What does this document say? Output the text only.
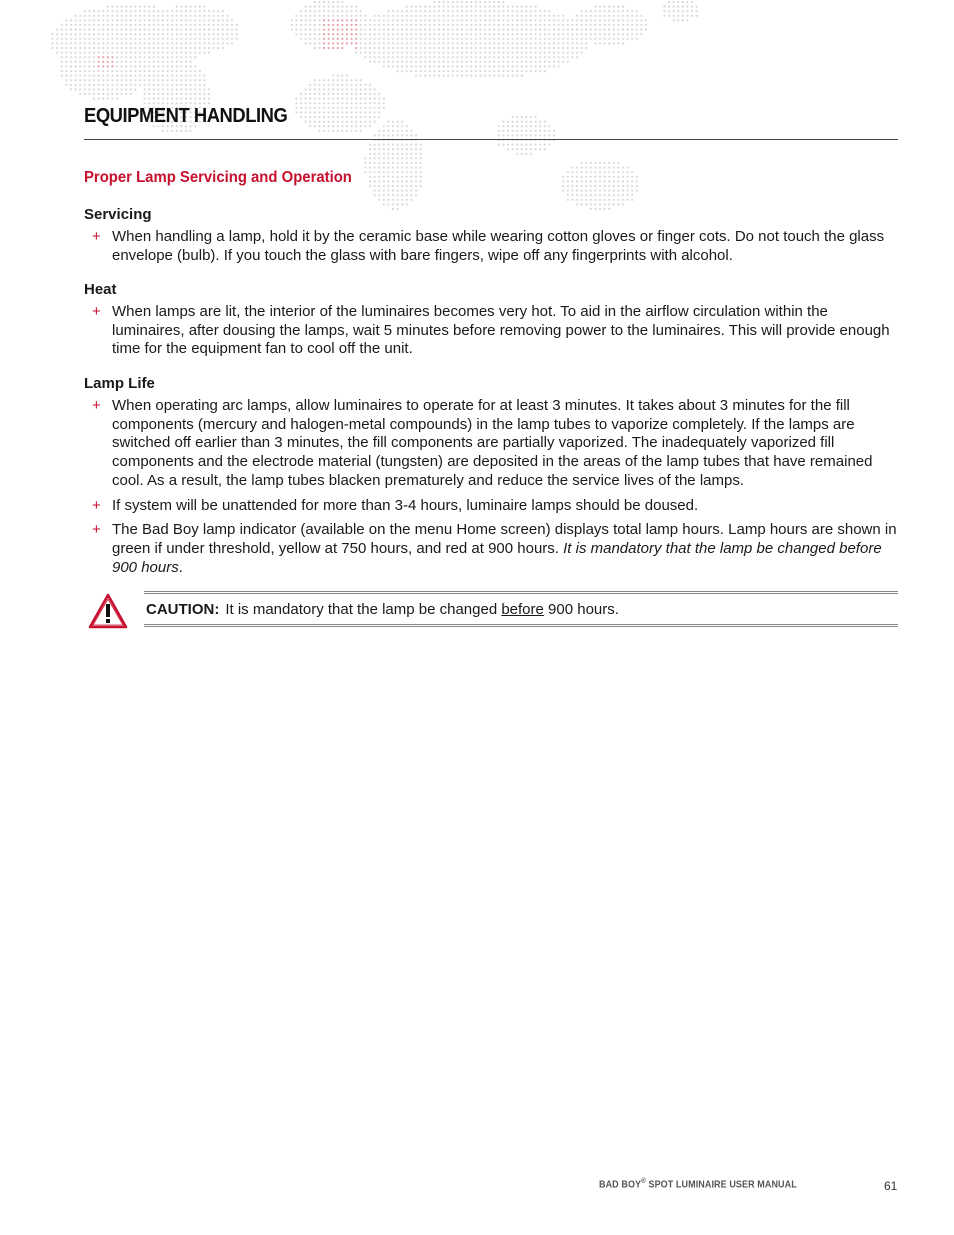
EQUIPMENT HANDLING
Proper Lamp Servicing and Operation
Servicing
+ When handling a lamp, hold it by the ceramic base while wearing cotton gloves or finger cots. Do not touch the glass envelope (bulb). If you touch the glass with bare fingers, wipe off any fingerprints with alcohol.
Heat
+ When lamps are lit, the interior of the luminaires becomes very hot. To aid in the airflow circulation within the luminaires, after dousing the lamps, wait 5 minutes before removing power to the luminaires. This will provide enough time for the equipment fan to cool off the unit.
Lamp Life
+ When operating arc lamps, allow luminaires to operate for at least 3 minutes. It takes about 3 minutes for the fill components (mercury and halogen-metal compounds) in the lamp tubes to vaporize completely. If the lamps are switched off earlier than 3 minutes, the fill components are partially vaporized. The inadequately vaporized fill components and the electrode material (tungsten) are deposited in the areas of the lamp tubes that have remained cool. As a result, the lamp tubes blacken prematurely and reduce the service lives of the lamps.
+ If system will be unattended for more than 3-4 hours, luminaire lamps should be doused.
+ The Bad Boy lamp indicator (available on the menu Home screen) displays total lamp hours. Lamp hours are shown in green if under threshold, yellow at 750 hours, and red at 900 hours. It is mandatory that the lamp be changed before 900 hours.
CAUTION: It is mandatory that the lamp be changed before 900 hours.
BAD BOY® SPOT LUMINAIRE USER MANUAL	61
